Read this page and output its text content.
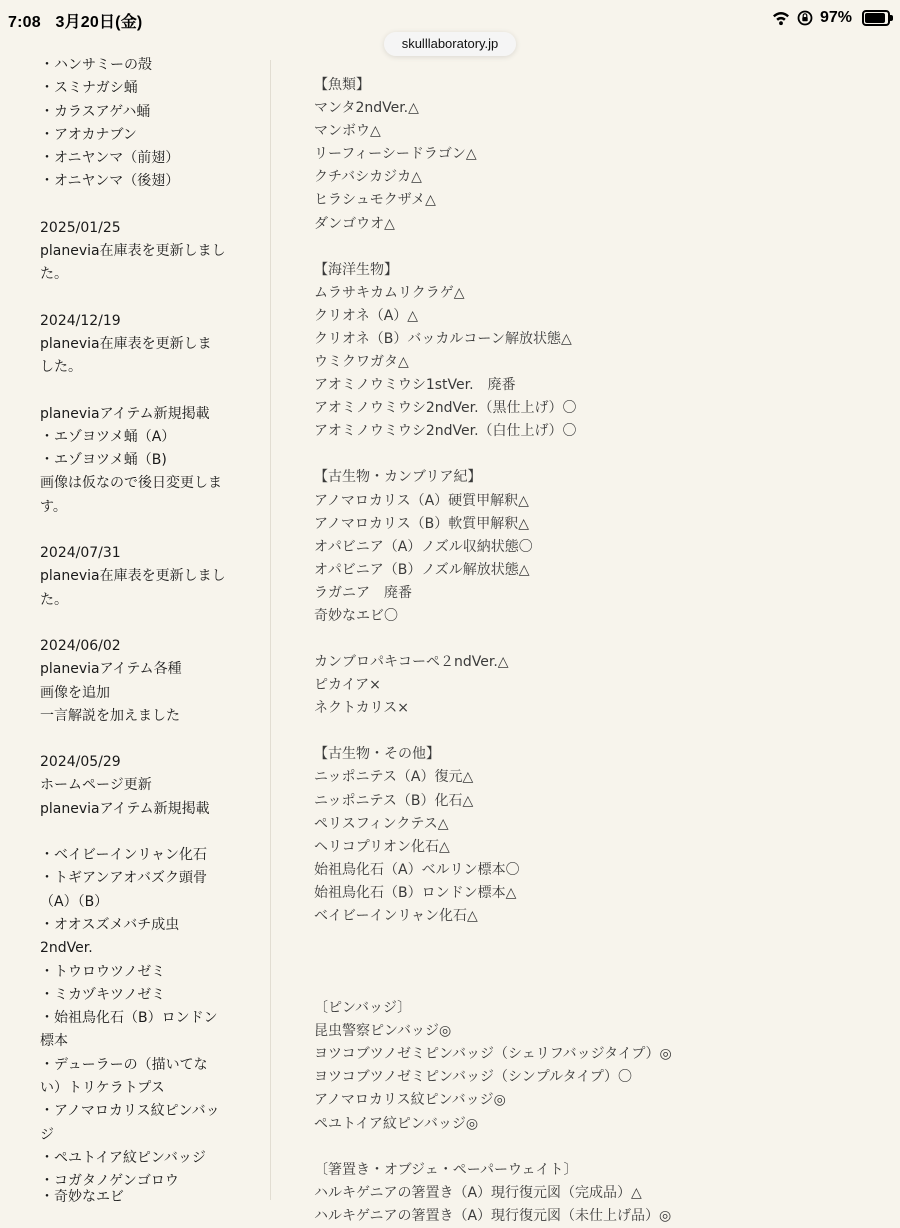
7:08 3月20日(金)	97%
skulllaboratory.jp
・ハンサミーの殻
・スミナガシ蛹
・カラスアゲハ蛹
・アオカナブン
・オニヤンマ（前翅）
・オニヤンマ（後翅）
2025/01/25
planevia在庫表を更新しまし
た。
2024/12/19
planevia在庫表を更新しま
した。
planeviaアイテム新規掲載
・エゾヨツメ蛹（A）
・エゾヨツメ蛹（B)
画像は仮なので後日変更しま
す。
2024/07/31
planevia在庫表を更新しまし
た。
2024/06/02
planeviaアイテム各種
画像を追加
一言解説を加えました
2024/05/29
ホームページ更新
planeviaアイテム新規掲載
・ベイビーインリャン化石
・トギアンアオバズク頭骨
（A）（B）
・オオスズメバチ成虫
2ndVer.
・トウロウツノゼミ
・ミカヅキツノゼミ
・始祖鳥化石（B）ロンドン
標本
・デューラーの（描いてな
い）トリケラトプス
・アノマロカリス紋ピンバッ
ジ
・ペユトイア紋ピンバッジ
・コガタノゲンゴロウ
【魚類】
マンタ2ndVer.△
マンボウ△
リーフィーシードラゴン△
クチバシカジカ△
ヒラシュモクザメ△
ダンゴウオ△
【海洋生物】
ムラサキカムリクラゲ△
クリオネ（A）△
クリオネ（B）バッカルコーン解放状態△
ウミクワガタ△
アオミノウミウシ1stVer.　廃番
アオミノウミウシ2ndVer.（黒仕上げ）〇
アオミノウミウシ2ndVer.（白仕上げ）〇
【古生物・カンブリア紀】
アノマロカリス（A）硬質甲解釈△
アノマロカリス（B）軟質甲解釈△
オパビニア（A）ノズル収納状態〇
オパビニア（B）ノズル解放状態△
ラガニア　廃番
奇妙なエビ〇
カンブロパキコーペ２ndVer.△
ピカイア×
ネクトカリス×
【古生物・その他】
ニッポニテス（A）復元△
ニッポニテス（B）化石△
ペリスフィンクテス△
ヘリコプリオン化石△
始祖鳥化石（A）ベルリン標本〇
始祖鳥化石（B）ロンドン標本△
ベイビーインリャン化石△
〔ピンバッジ〕
昆虫警察ピンバッジ◎
ヨツコブツノゼミピンバッジ（シェリフバッジタイプ）◎
ヨツコブツノゼミピンバッジ（シンプルタイプ）〇
アノマロカリス紋ピンバッジ◎
ペユトイア紋ピンバッジ◎
〔箸置き・オブジェ・ペーパーウェイト〕
ハルキゲニアの箸置き（A）現行復元図（完成品）△
ハルキゲニアの箸置き（A）現行復元図（未仕上げ品）◎
・奇妙なエビ
